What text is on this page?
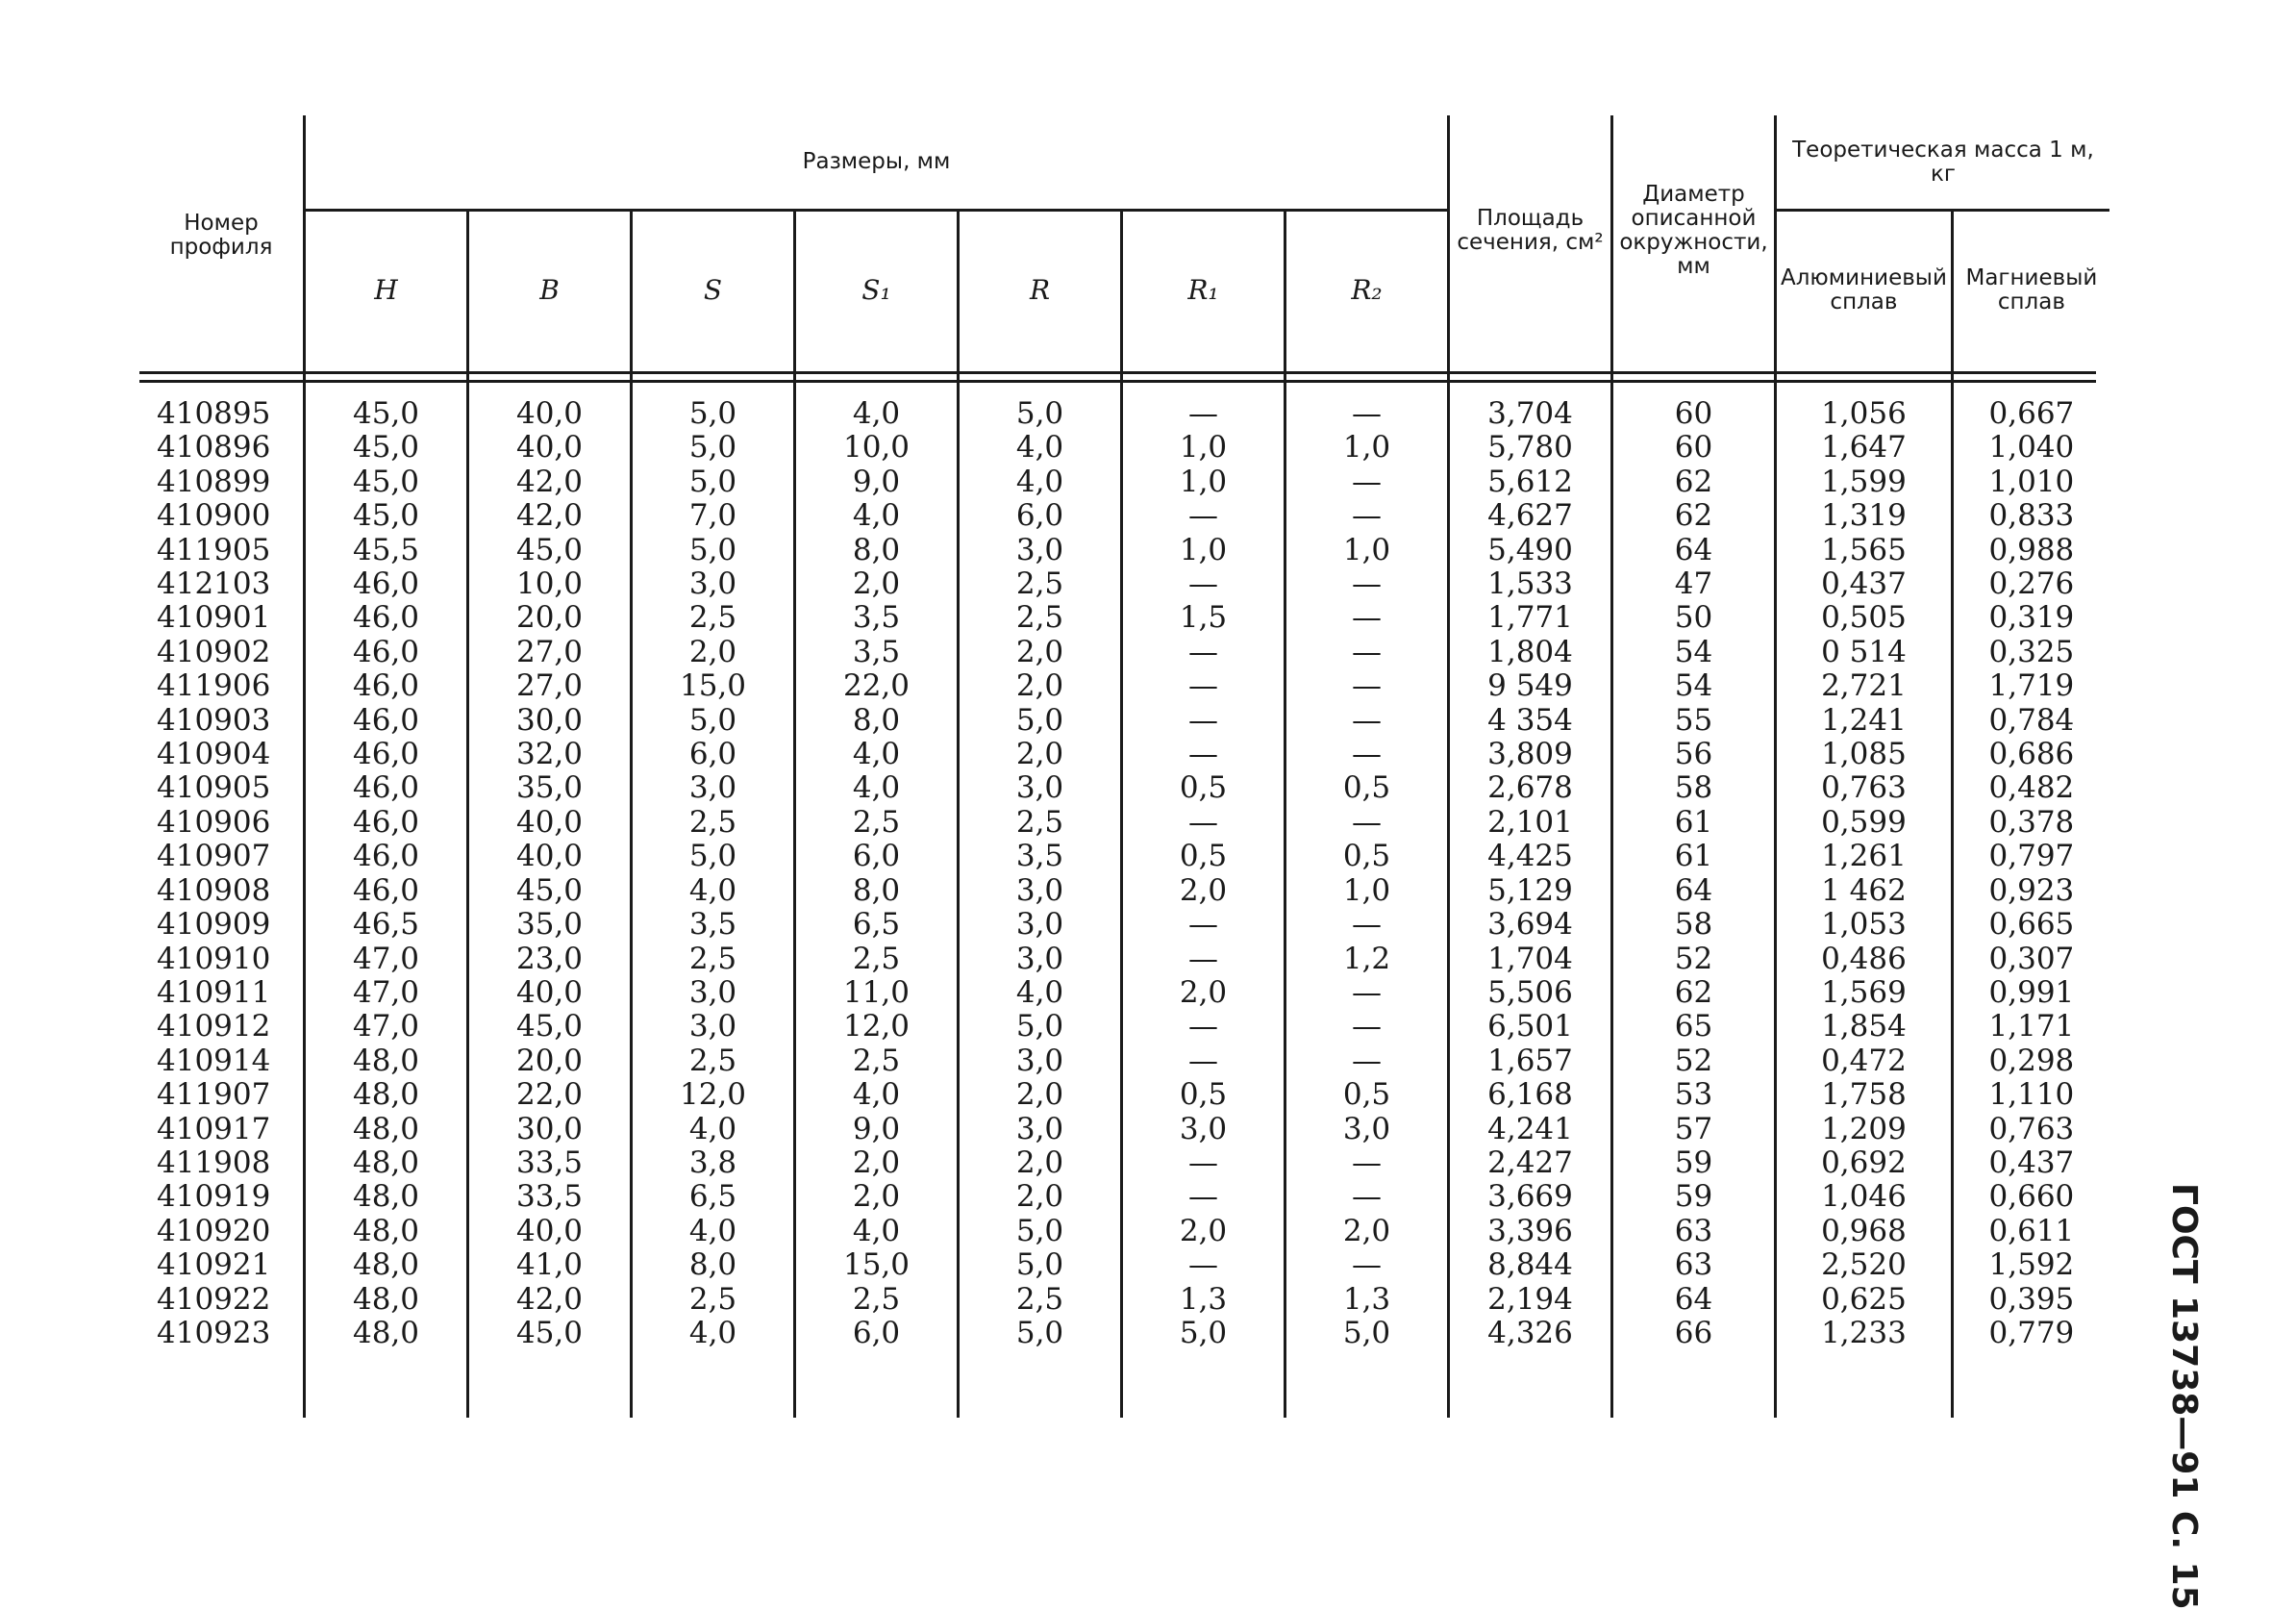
Номер профиля	Размеры, мм							Площадь сечения, см²	Диаметр описанной окружности, мм	Теоретическая масса 1 м, кг	
	H	B	S	S₁	R	R₁	R₂			Алюминиевый сплав	Магниевый сплав

410895	45,0	40,0	5,0	4,0	5,0	—	—	3,704	60	1,056	0,667
410896	45,0	40,0	5,0	10,0	4,0	1,0	1,0	5,780	60	1,647	1,040
410899	45,0	42,0	5,0	9,0	4,0	1,0	—	5,612	62	1,599	1,010
410900	45,0	42,0	7,0	4,0	6,0	—	—	4,627	62	1,319	0,833
411905	45,5	45,0	5,0	8,0	3,0	1,0	1,0	5,490	64	1,565	0,988
412103	46,0	10,0	3,0	2,0	2,5	—	—	1,533	47	0,437	0,276
410901	46,0	20,0	2,5	3,5	2,5	1,5	—	1,771	50	0,505	0,319
410902	46,0	27,0	2,0	3,5	2,0	—	—	1,804	54	0 514	0,325
411906	46,0	27,0	15,0	22,0	2,0	—	—	9 549	54	2,721	1,719
410903	46,0	30,0	5,0	8,0	5,0	—	—	4 354	55	1,241	0,784
410904	46,0	32,0	6,0	4,0	2,0	—	—	3,809	56	1,085	0,686
410905	46,0	35,0	3,0	4,0	3,0	0,5	0,5	2,678	58	0,763	0,482
410906	46,0	40,0	2,5	2,5	2,5	—	—	2,101	61	0,599	0,378
410907	46,0	40,0	5,0	6,0	3,5	0,5	0,5	4,425	61	1,261	0,797
410908	46,0	45,0	4,0	8,0	3,0	2,0	1,0	5,129	64	1 462	0,923
410909	46,5	35,0	3,5	6,5	3,0	—	—	3,694	58	1,053	0,665
410910	47,0	23,0	2,5	2,5	3,0	—	1,2	1,704	52	0,486	0,307
410911	47,0	40,0	3,0	11,0	4,0	2,0	—	5,506	62	1,569	0,991
410912	47,0	45,0	3,0	12,0	5,0	—	—	6,501	65	1,854	1,171
410914	48,0	20,0	2,5	2,5	3,0	—	—	1,657	52	0,472	0,298
411907	48,0	22,0	12,0	4,0	2,0	0,5	0,5	6,168	53	1,758	1,110
410917	48,0	30,0	4,0	9,0	3,0	3,0	3,0	4,241	57	1,209	0,763
411908	48,0	33,5	3,8	2,0	2,0	—	—	2,427	59	0,692	0,437
410919	48,0	33,5	6,5	2,0	2,0	—	—	3,669	59	1,046	0,660
410920	48,0	40,0	4,0	4,0	5,0	2,0	2,0	3,396	63	0,968	0,611
410921	48,0	41,0	8,0	15,0	5,0	—	—	8,844	63	2,520	1,592
410922	48,0	42,0	2,5	2,5	2,5	1,3	1,3	2,194	64	0,625	0,395
410923	48,0	45,0	4,0	6,0	5,0	5,0	5,0	4,326	66	1,233	0,779
												ГОСТ 13738—91 С. 15
